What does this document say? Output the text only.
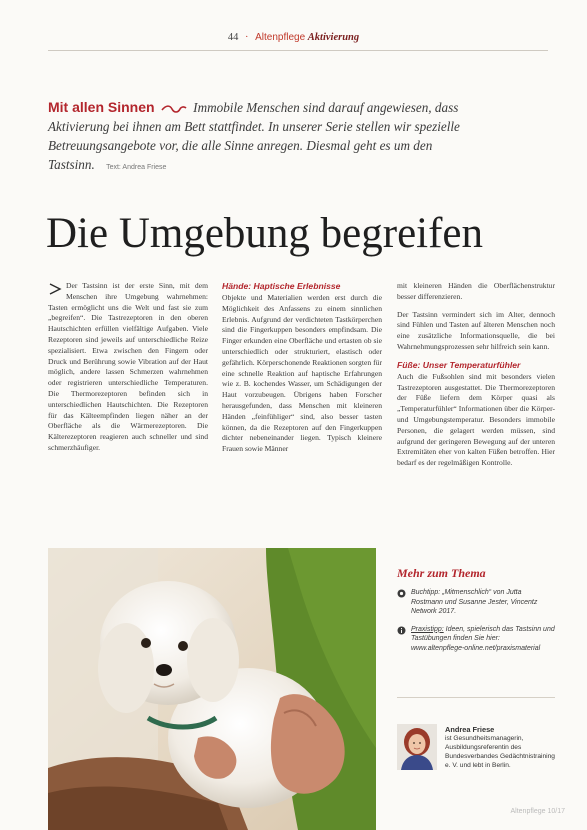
44 · Altenpflege Aktivierung
Mit allen Sinnen	Immobile Menschen sind darauf angewiesen, dass Aktivierung bei ihnen am Bett stattfindet. In unserer Serie stellen wir spezielle Betreuungsangebote vor, die alle Sinne anregen. Diesmal geht es um den Tastsinn. Text: Andrea Friese
Die Umgebung begreifen

Der Tastsinn ist der erste Sinn, mit dem Menschen ihre Umgebung wahrnehmen: Tasten ermöglicht uns die Welt und fast sie zum „begreifen“. Die Tastrezeptoren in den oberen Hautschichten erfüllen vielfältige Aufgaben. Viele Rezeptoren sind jeweils auf unterschiedliche Reize spezialisiert. Etwa zwischen den Fingern oder Druck und Berührung sowie Vibration auf der Haut möglich, andere lassen Schmerzen wahrnehmen oder registrieren unterschiedliche Temperaturen. Die Thermorezeptoren befinden sich in unterschiedlichen Hautschichten. Die Rezeptoren für das Kälteempfinden liegen näher an der Oberfläche als die Wärmerezeptoren. Die Kälterezeptoren reagieren auch schneller und sind schmerzhäufiger.

Hände: Haptische Erlebnisse

Objekte und Materialien werden erst durch die Möglichkeit des Anfassens zu einem sinnlichen Erlebnis. Aufgrund der verdichteten Tastkörperchen sind die Fingerkuppen besonders empfindsam. Die Finger erkunden eine Oberfläche und ertasten ob sie unterschiedlich oder strukturiert, elastisch oder gefährlich. Körperschonende Reaktionen sorgten für eine schnelle Reaktion auf haptische Erfahrungen wie z. B. kochendes Wasser, um Schädigungen der Haut vorzubeugen. Übrigens haben Forscher herausgefunden, dass Menschen mit kleineren Händen „feinfühliger“ sind, also besser tasten können, da die Rezeptoren auf den Fingerkuppen dichter nebeneinander liegen. Typisch kleinere Frauen sowie Männer

mit kleineren Händen die Oberflächenstruktur besser differenzieren.

Der Tastsinn vermindert sich im Alter, dennoch sind Fühlen und Tasten auf älteren Menschen noch eine zusätzliche Informationsquelle, die bei Wahrnehmungsprozessen sehr hilfreich sein kann.

Füße: Unser Temperaturfühler

Auch die Fußsohlen sind mit besonders vielen Tastrezeptoren ausgestattet. Die Thermorezeptoren der Füße liefern dem Körper quasi als „Temperaturfühler“ Informationen über die Körper- und Umgebungstemperatur. Besonders immobile Personen, die gelagert werden müssen, sind aufgrund der geringeren Bewegung auf der unteren Extremitäten eher von kalten Füßen betroffen. Hier bedarf es der regelmäßigen Kontrolle.

Mehr zum Thema
Buchtipp: „Mitmenschlich“ von Jutta Rostmann und Susanne Jester, Vincentz Network 2017.
Praxistipp: Ideen, spielerisch das Tastsinn und Tastübungen finden Sie hier: www.altenpflege-online.net/praxismaterial
Andrea Friese
ist Gesundheitsmanagerin, Ausbildungsreferentin des Bundesverbandes Gedächtnistraining e. V. und lebt in Berlin.
Altenpflege 10/17
